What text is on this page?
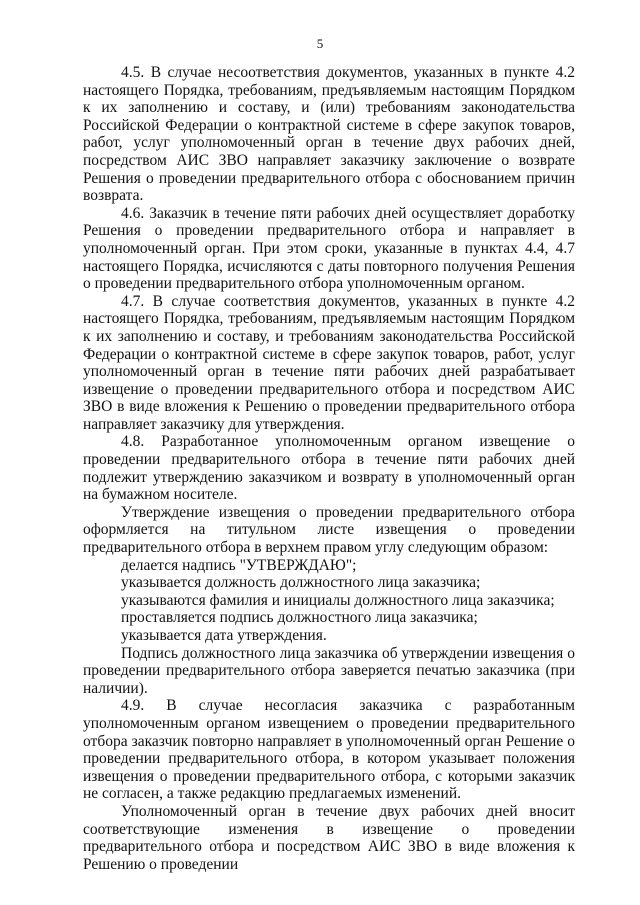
5

4.5. В случае несоответствия документов, указанных в пункте 4.2 настоящего Порядка, требованиям, предъявляемым настоящим Порядком к их заполнению и составу, и (или) требованиям законодательства Российской Федерации о контрактной системе в сфере закупок товаров, работ, услуг уполномоченный орган в течение двух рабочих дней, посредством АИС ЗВО направляет заказчику заключение о возврате Решения о проведении предварительного отбора с обоснованием причин возврата.

4.6. Заказчик в течение пяти рабочих дней осуществляет доработку Решения о проведении предварительного отбора и направляет в уполномоченный орган. При этом сроки, указанные в пунктах 4.4, 4.7 настоящего Порядка, исчисляются с даты повторного получения Решения о проведении предварительного отбора уполномоченным органом.

4.7. В случае соответствия документов, указанных в пункте 4.2 настоящего Порядка, требованиям, предъявляемым настоящим Порядком к их заполнению и составу, и требованиям законодательства Российской Федерации о контрактной системе в сфере закупок товаров, работ, услуг уполномоченный орган в течение пяти рабочих дней разрабатывает извещение о проведении предварительного отбора и посредством АИС ЗВО в виде вложения к Решению о проведении предварительного отбора направляет заказчику для утверждения.

4.8. Разработанное уполномоченным органом извещение о проведении предварительного отбора в течение пяти рабочих дней подлежит утверждению заказчиком и возврату в уполномоченный орган на бумажном носителе.

Утверждение извещения о проведении предварительного отбора оформляется на титульном листе извещения о проведении предварительного отбора в верхнем правом углу следующим образом:

делается надпись "УТВЕРЖДАЮ";

указывается должность должностного лица заказчика;

указываются фамилия и инициалы должностного лица заказчика;

проставляется подпись должностного лица заказчика;

указывается дата утверждения.

Подпись должностного лица заказчика об утверждении извещения о проведении предварительного отбора заверяется печатью заказчика (при наличии).

4.9. В случае несогласия заказчика с разработанным уполномоченным органом извещением о проведении предварительного отбора заказчик повторно направляет в уполномоченный орган Решение о проведении предварительного отбора, в котором указывает положения извещения о проведении предварительного отбора, с которыми заказчик не согласен, а также редакцию предлагаемых изменений.

Уполномоченный орган в течение двух рабочих дней вносит соответствующие изменения в извещение о проведении предварительного отбора и посредством АИС ЗВО в виде вложения к Решению о проведении
